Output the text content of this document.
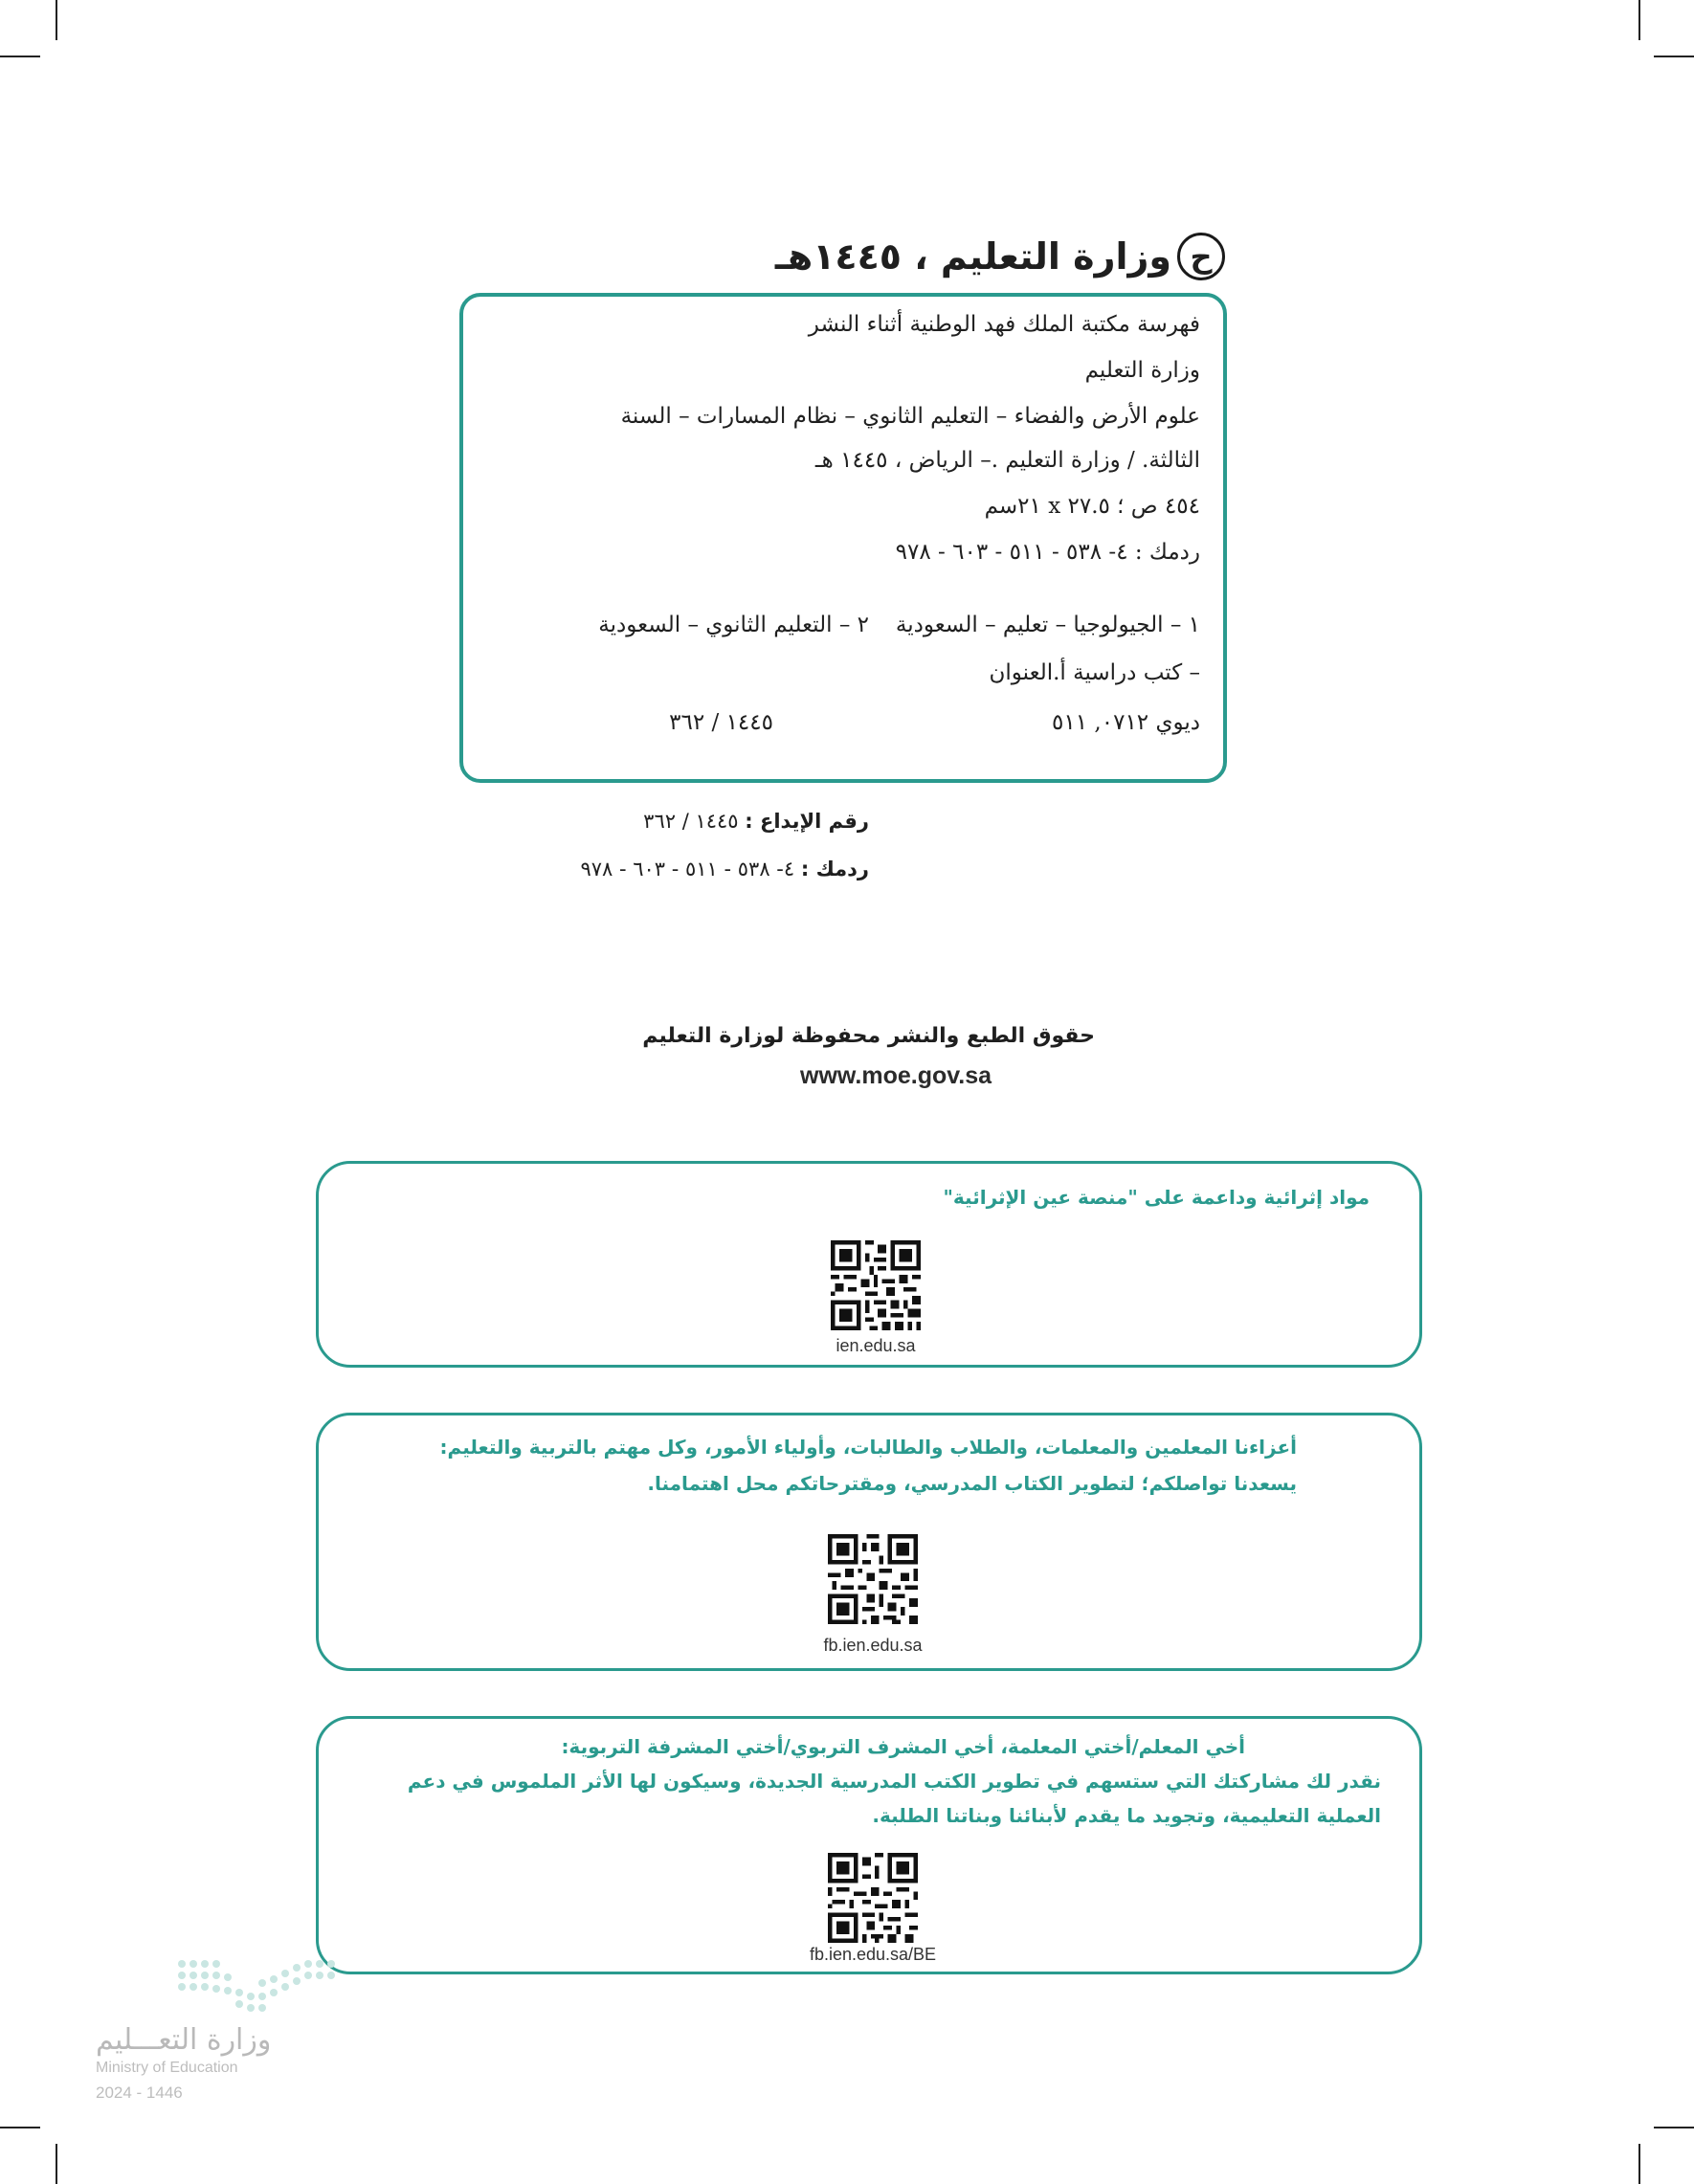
ح
وزارة التعليم ، ١٤٤٥هـ
فهرسة مكتبة الملك فهد الوطنية أثناء النشر
وزارة التعليم
علوم الأرض والفضاء – التعليم الثانوي – نظام المسارات – السنة
الثالثة. / وزارة التعليم .– الرياض ، ١٤٤٥ هـ
٤٥٤ ص ؛ ٢٧.٥ x ٢١سم
ردمك : ٤- ٥٣٨ - ٥١١ - ٦٠٣ - ٩٧٨
١ – الجيولوجيا – تعليم – السعودية
٢ – التعليم الثانوي – السعودية
– كتب دراسية أ.العنوان
ديوي ٠٧١٢, ٥١١
١٤٤٥ / ٣٦٢
رقم الإيداع : ١٤٤٥ / ٣٦٢
ردمك : ٤- ٥٣٨ - ٥١١ - ٦٠٣ - ٩٧٨
حقوق الطبع والنشر محفوظة لوزارة التعليم
www.moe.gov.sa
مواد إثرائية وداعمة على "منصة عين الإثرائية"
ien.edu.sa
أعزاءنا المعلمين والمعلمات، والطلاب والطالبات، وأولياء الأمور، وكل مهتم بالتربية والتعليم:
يسعدنا تواصلكم؛ لتطوير الكتاب المدرسي، ومقترحاتكم محل اهتمامنا.
fb.ien.edu.sa
أخي المعلم/أختي المعلمة، أخي المشرف التربوي/أختي المشرفة التربوية:
نقدر لك مشاركتك التي ستسهم في تطوير الكتب المدرسية الجديدة، وسيكون لها الأثر الملموس في دعم
العملية التعليمية، وتجويد ما يقدم لأبنائنا وبناتنا الطلبة.
fb.ien.edu.sa/BE
وزارة التعـــليم
Ministry of Education
2024 - 1446
